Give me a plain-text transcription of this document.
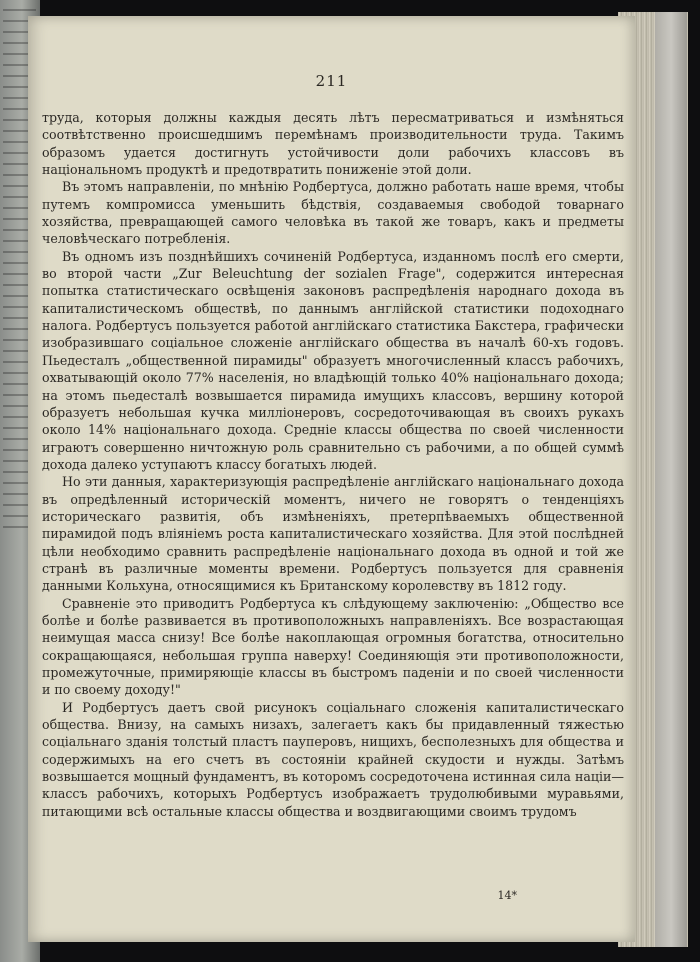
211

труда, которыя должны каждыя десять лѣтъ пересматриваться и измѣняться соотвѣтственно происшедшимъ перемѣнамъ производительности труда. Такимъ образомъ удается достигнуть устойчивости доли рабочихъ классовъ въ національномъ продуктѣ и предотвратить пониженіе этой доли.

Въ этомъ направленіи, по мнѣнію Родбертуса, должно работать наше время, чтобы путемъ компромисса уменьшить бѣдствія, создаваемыя свободой товарнаго хозяйства, превращающей самого человѣка въ такой же товаръ, какъ и предметы человѣческаго потребленія.

Въ одномъ изъ позднѣйшихъ сочиненій Родбертуса, изданномъ послѣ его смерти, во второй части „Zur Beleuchtung der sozialen Frage", содержится интересная попытка статистическаго освѣщенія законовъ распредѣленія народнаго дохода въ капиталистическомъ обществѣ, по даннымъ англійской статистики подоходнаго налога. Родбертусъ пользуется работой англійскаго статистика Бакстера, графически изобразившаго соціальное сложеніе англійскаго общества въ началѣ 60-хъ годовъ. Пьедесталъ „общественной пирамиды" образуетъ многочисленный классъ рабочихъ, охватывающій около 77% населенія, но владѣющій только 40% національнаго дохода; на этомъ пьедесталѣ возвышается пирамида имущихъ классовъ, вершину которой образуетъ небольшая кучка милліонеровъ, сосредоточивающая въ своихъ рукахъ около 14% національнаго дохода. Средніе классы общества по своей численности играютъ совершенно ничтожную роль сравнительно съ рабочими, а по общей суммѣ дохода далеко уступаютъ классу богатыхъ людей.

Но эти данныя, характеризующія распредѣленіе англійскаго національнаго дохода въ опредѣленный историческій моментъ, ничего не говорятъ о тенденціяхъ историческаго развитія, объ измѣненіяхъ, претерпѣваемыхъ общественной пирамидой подъ вліяніемъ роста капиталистическаго хозяйства. Для этой послѣдней цѣли необходимо сравнить распредѣленіе національнаго дохода въ одной и той же странѣ въ различные моменты времени. Родбертусъ пользуется для сравненія данными Кольхуна, относящимися къ Британскому королевству въ 1812 году.

Сравненіе это приводитъ Родбертуса къ слѣдующему заключенію: „Общество все болѣе и болѣе развивается въ противоположныхъ направленіяхъ. Все возрастающая неимущая масса снизу! Все болѣе накоплающая огромныя богатства, относительно сокращающаяся, небольшая группа наверху! Соединяющія эти противоположности, промежуточные, примиряющіе классы въ быстромъ паденіи и по своей численности и по своему доходу!"

И Родбертусъ даетъ свой рисунокъ соціальнаго сложенія капиталистическаго общества. Внизу, на самыхъ низахъ, залегаетъ какъ бы придавленный тяжестью соціальнаго зданія толстый пластъ пауперовъ, нищихъ, бесполезныхъ для общества и содержимыхъ на его счетъ въ состояніи крайней скудости и нужды. Затѣмъ возвышается мощный фундаментъ, въ которомъ сосредоточена истинная сила націи—классъ рабочихъ, которыхъ Родбертусъ изображаетъ трудолюбивыми муравьями, питающими всѣ остальные классы общества и воздвигающими своимъ трудомъ

14*
